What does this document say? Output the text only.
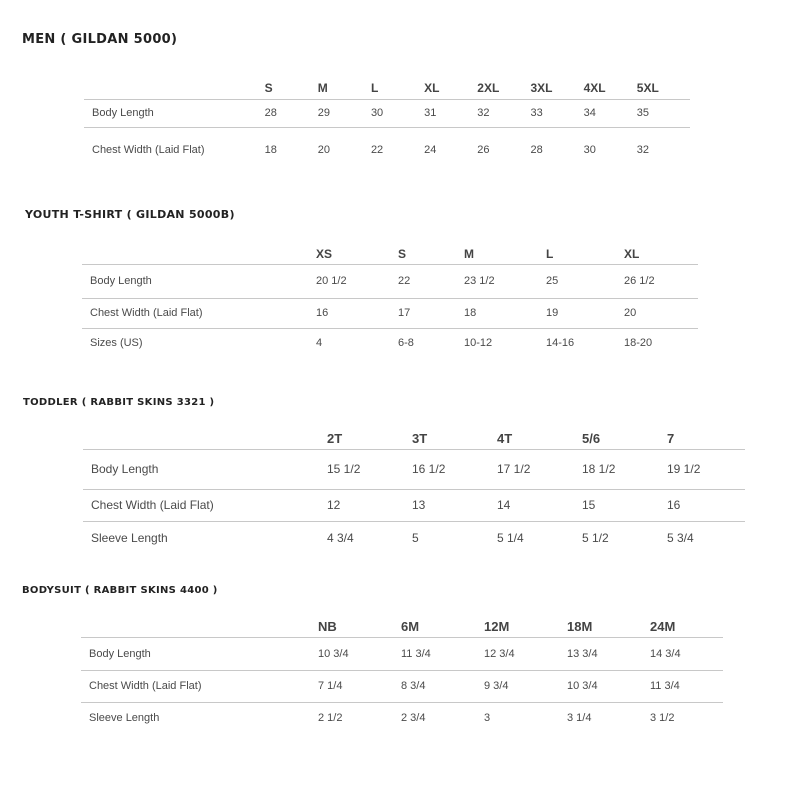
MEN ( GILDAN 5000)
	S	M	L	XL	2XL	3XL	4XL	5XL
Body Length	28	29	30	31	32	33	34	35
Chest Width (Laid Flat)	18	20	22	24	26	28	30	32
YOUTH T-SHIRT ( GILDAN 5000B)
	XS	S	M	L	XL
Body Length	20 1/2	22	23 1/2	25	26 1/2
Chest Width (Laid Flat)	16	17	18	19	20
Sizes (US)	4	6-8	10-12	14-16	18-20
TODDLER ( RABBIT SKINS 3321 )
	2T	3T	4T	5/6	7
Body Length	15 1/2	16 1/2	17 1/2	18 1/2	19 1/2
Chest Width (Laid Flat)	12	13	14	15	16
Sleeve Length	4 3/4	5	5 1/4	5 1/2	5 3/4
BODYSUIT ( RABBIT SKINS 4400 )
	NB	6M	12M	18M	24M
Body Length	10 3/4	11 3/4	12 3/4	13 3/4	14 3/4
Chest Width (Laid Flat)	7 1/4	8 3/4	9 3/4	10 3/4	11 3/4
Sleeve Length	2 1/2	2 3/4	3	3 1/4	3 1/2
